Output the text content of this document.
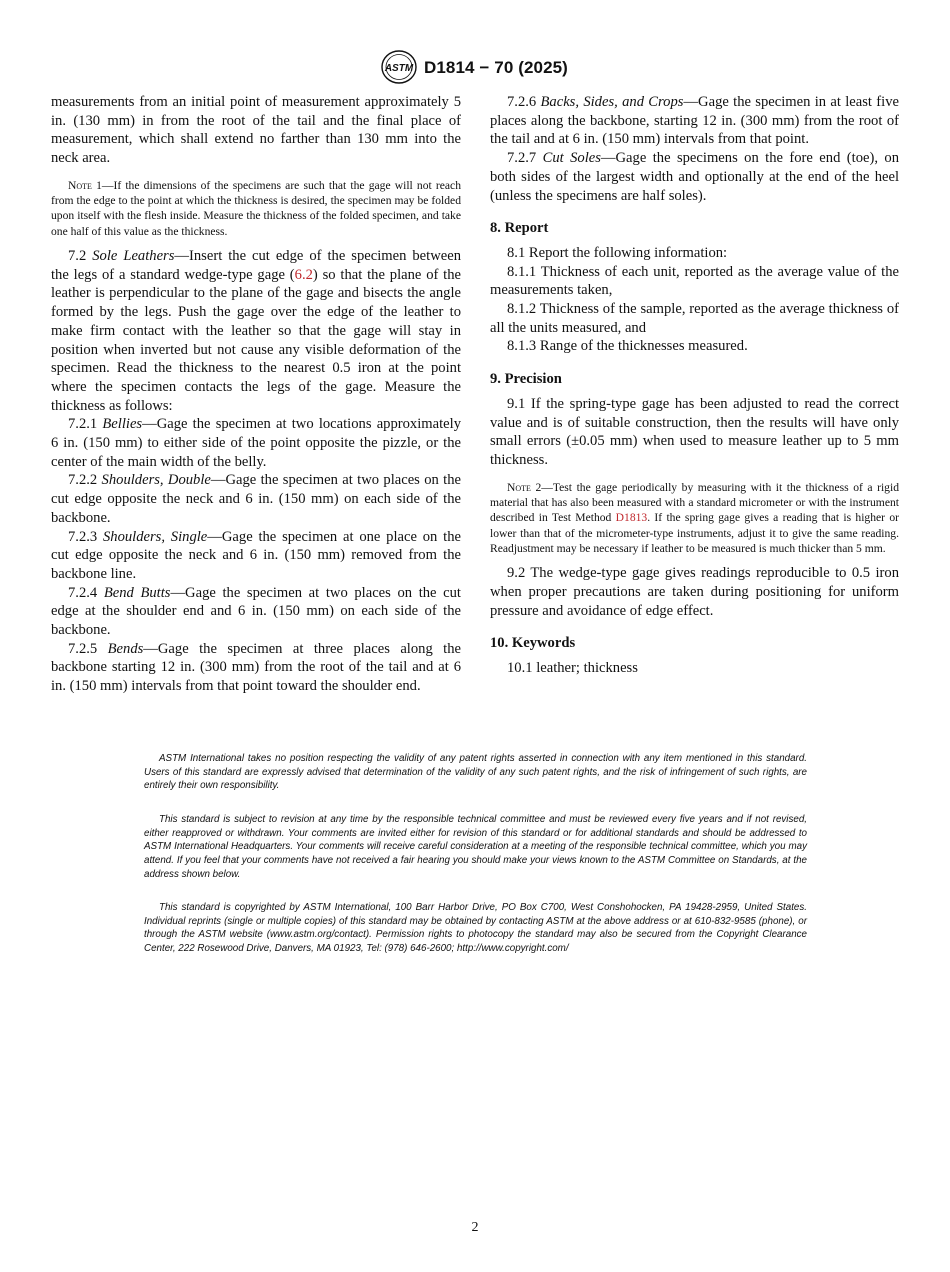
ASTM D1814 − 70 (2025)

measurements from an initial point of measurement approximately 5 in. (130 mm) in from the root of the tail and the final place of measurement, which shall extend no farther than 130 mm into the neck area.

Note 1—If the dimensions of the specimens are such that the gage will not reach from the edge to the point at which the thickness is desired, the specimen may be folded upon itself with the flesh inside. Measure the thickness of the folded specimen, and take one half of this value as the thickness.

7.2 Sole Leathers—Insert the cut edge of the specimen between the legs of a standard wedge-type gage (6.2) so that the plane of the leather is perpendicular to the plane of the gage and bisects the angle formed by the legs. Push the gage over the edge of the leather to make firm contact with the leather so that the gage will stay in position when inverted but not cause any visible deformation of the specimen. Read the thickness to the nearest 0.5 iron at the point where the specimen contacts the legs of the gage. Measure the thickness as follows:

7.2.1 Bellies—Gage the specimen at two locations approximately 6 in. (150 mm) to either side of the point opposite the pizzle, or the center of the main width of the belly.

7.2.2 Shoulders, Double—Gage the specimen at two places on the cut edge opposite the neck and 6 in. (150 mm) on each side of the backbone.

7.2.3 Shoulders, Single—Gage the specimen at one place on the cut edge opposite the neck and 6 in. (150 mm) removed from the backbone line.

7.2.4 Bend Butts—Gage the specimen at two places on the cut edge at the shoulder end and 6 in. (150 mm) on each side of the backbone.

7.2.5 Bends—Gage the specimen at three places along the backbone starting 12 in. (300 mm) from the root of the tail and at 6 in. (150 mm) intervals from that point toward the shoulder end.

7.2.6 Backs, Sides, and Crops—Gage the specimen in at least five places along the backbone, starting 12 in. (300 mm) from the root of the tail and at 6 in. (150 mm) intervals from that point.

7.2.7 Cut Soles—Gage the specimens on the fore end (toe), on both sides of the largest width and optionally at the end of the heel (unless the specimens are half soles).

8. Report

8.1 Report the following information:

8.1.1 Thickness of each unit, reported as the average value of the measurements taken,

8.1.2 Thickness of the sample, reported as the average thickness of all the units measured, and

8.1.3 Range of the thicknesses measured.

9. Precision

9.1 If the spring-type gage has been adjusted to read the correct value and is of suitable construction, then the results will have only small errors (±0.05 mm) when used to measure leather up to 5 mm thickness.

Note 2—Test the gage periodically by measuring with it the thickness of a rigid material that has also been measured with a standard micrometer or with the instrument described in Test Method D1813. If the spring gage gives a reading that is higher or lower than that of the micrometer-type instruments, adjust it to give the same reading. Readjustment may be necessary if leather to be measured is much thicker than 5 mm.

9.2 The wedge-type gage gives readings reproducible to 0.5 iron when proper precautions are taken during positioning for uniform pressure and avoidance of edge effect.

10. Keywords

10.1 leather; thickness

ASTM International takes no position respecting the validity of any patent rights asserted in connection with any item mentioned in this standard. Users of this standard are expressly advised that determination of the validity of any such patent rights, and the risk of infringement of such rights, are entirely their own responsibility.

This standard is subject to revision at any time by the responsible technical committee and must be reviewed every five years and if not revised, either reapproved or withdrawn. Your comments are invited either for revision of this standard or for additional standards and should be addressed to ASTM International Headquarters. Your comments will receive careful consideration at a meeting of the responsible technical committee, which you may attend. If you feel that your comments have not received a fair hearing you should make your views known to the ASTM Committee on Standards, at the address shown below.

This standard is copyrighted by ASTM International, 100 Barr Harbor Drive, PO Box C700, West Conshohocken, PA 19428-2959, United States. Individual reprints (single or multiple copies) of this standard may be obtained by contacting ASTM at the above address or at 610-832-9585 (phone), or through the ASTM website (www.astm.org/contact). Permission rights to photocopy the standard may also be secured from the Copyright Clearance Center, 222 Rosewood Drive, Danvers, MA 01923, Tel: (978) 646-2600; http://www.copyright.com/

2
